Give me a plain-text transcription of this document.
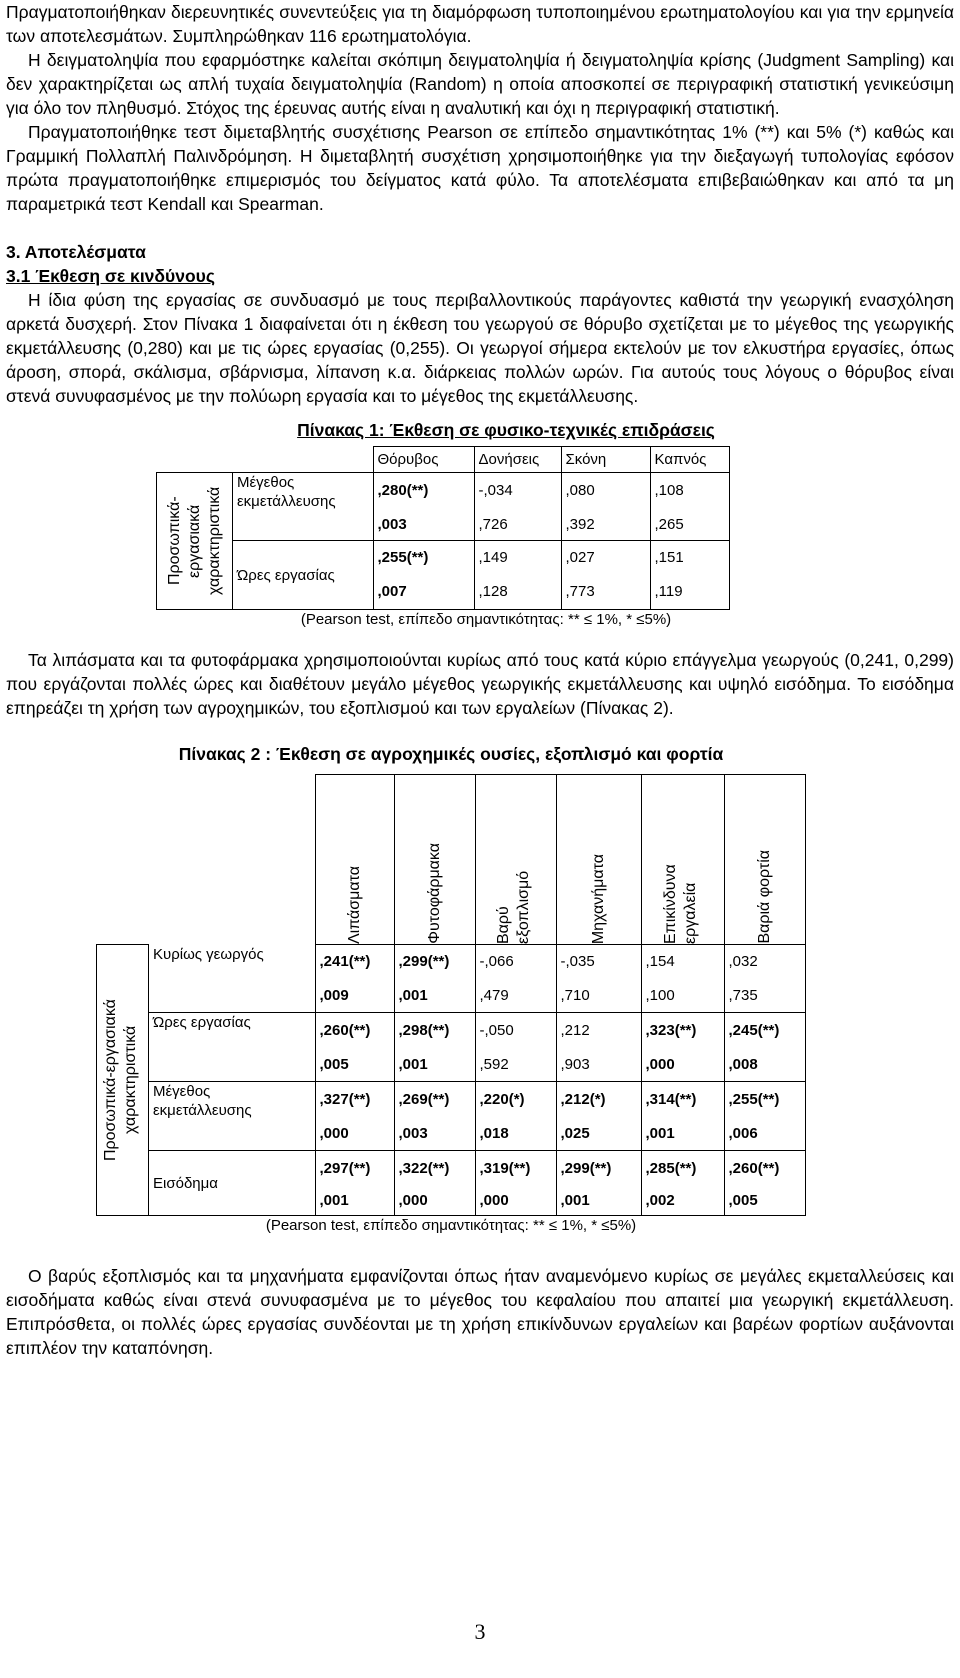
Πραγματοποιήθηκαν διερευνητικές συνεντεύξεις για τη διαμόρφωση τυποποιημένου ερωτηματολογίου και για την ερμηνεία των αποτελεσμάτων. Συμπληρώθηκαν 116 ερωτηματολόγια.

Η δειγματοληψία που εφαρμόστηκε καλείται σκόπιμη δειγματοληψία ή δειγματοληψία κρίσης (Judgment Sampling) και δεν χαρακτηρίζεται ως απλή τυχαία δειγματοληψία (Random) η οποία αποσκοπεί σε περιγραφική στατιστική γενικεύσιμη για όλο τον πληθυσμό. Στόχος της έρευνας αυτής είναι η αναλυτική και όχι η περιγραφική στατιστική.

Πραγματοποιήθηκε τεστ διμεταβλητής συσχέτισης Pearson σε επίπεδο σημαντικότητας 1% (**) και 5% (*) καθώς και Γραμμική Πολλαπλή Παλινδρόμηση. Η διμεταβλητή συσχέτιση χρησιμοποιήθηκε για την διεξαγωγή τυπολογίας εφόσον πρώτα πραγματοποιήθηκε επιμερισμός του δείγματος κατά φύλο. Τα αποτελέσματα επιβεβαιώθηκαν και από τα μη παραμετρικά τεστ Kendall και Spearman.

3. Αποτελέσματα

3.1 Έκθεση σε κινδύνους

Η ίδια φύση της εργασίας σε συνδυασμό με τους περιβαλλοντικούς παράγοντες καθιστά την γεωργική ενασχόληση αρκετά δυσχερή. Στον Πίνακα 1 διαφαίνεται ότι η έκθεση του γεωργού σε θόρυβο σχετίζεται με το μέγεθος της γεωργικής εκμετάλλευσης (0,280) και με τις ώρες εργασίας (0,255). Οι γεωργοί σήμερα εκτελούν με τον ελκυστήρα εργασίες, όπως άροση, σπορά, σκάλισμα, σβάρνισμα, λίπανση κ.α. διάρκειας πολλών ωρών. Για αυτούς τους λόγους ο θόρυβος είναι στενά συνυφασμένος με την πολύωρη εργασία και το μέγεθος της εκμετάλλευσης.

Πίνακας 1: Έκθεση σε φυσικο-τεχνικές επιδράσεις

		Θόρυβος	Δονήσεις	Σκόνη	Καπνός

Προσωπικά-εργασιακά χαρακτηριστικά	Μέγεθος εκμετάλλευσης	,280(**)	-,034	,080	,108
		,003	,726	,392	,265
	Ώρες εργασίας	,255(**)	,149	,027	,151
		,007	,128	,773	,119

(Pearson test, επίπεδο σημαντικότητας: ** ≤ 1%, * ≤5%)

Τα λιπάσματα και τα φυτοφάρμακα χρησιμοποιούνται κυρίως από τους κατά κύριο επάγγελμα γεωργούς (0,241, 0,299) που εργάζονται πολλές ώρες και διαθέτουν μεγάλο μέγεθος γεωργικής εκμετάλλευσης και υψηλό εισόδημα. Το εισόδημα επηρεάζει τη χρήση των αγροχημικών, του εξοπλισμού και των εργαλείων (Πίνακας 2).

Πίνακας 2 : Έκθεση σε αγροχημικές ουσίες, εξοπλισμό και φορτία

		Λιπάσματα	Φυτοφάρμακα	Βαρύ εξοπλισμό	Μηχανήματα	Επικίνδυνα εργαλεία	Βαριά φορτία

Προσωπικά-εργασιακά χαρακτηριστικά	Κυρίως γεωργός	,241(**)	,299(**)	-,066	-,035	,154	,032
		,009	,001	,479	,710	,100	,735
	Ώρες εργασίας	,260(**)	,298(**)	-,050	,212	,323(**)	,245(**)
		,005	,001	,592	,903	,000	,008
	Μέγεθος εκμετάλλευσης	,327(**)	,269(**)	,220(*)	,212(*)	,314(**)	,255(**)
		,000	,003	,018	,025	,001	,006
	Εισόδημα	,297(**)	,322(**)	,319(**)	,299(**)	,285(**)	,260(**)
		,001	,000	,000	,001	,002	,005

(Pearson test, επίπεδο σημαντικότητας: ** ≤ 1%, * ≤5%)

Ο βαρύς εξοπλισμός και τα μηχανήματα εμφανίζονται όπως ήταν αναμενόμενο κυρίως σε μεγάλες εκμεταλλεύσεις και εισοδήματα καθώς είναι στενά συνυφασμένα με το μέγεθος του κεφαλαίου που απαιτεί μια γεωργική εκμετάλλευση. Επιπρόσθετα, οι πολλές ώρες εργασίας συνδέονται με τη χρήση επικίνδυνων εργαλείων και βαρέων φορτίων αυξάνονται επιπλέον την καταπόνηση.

3
